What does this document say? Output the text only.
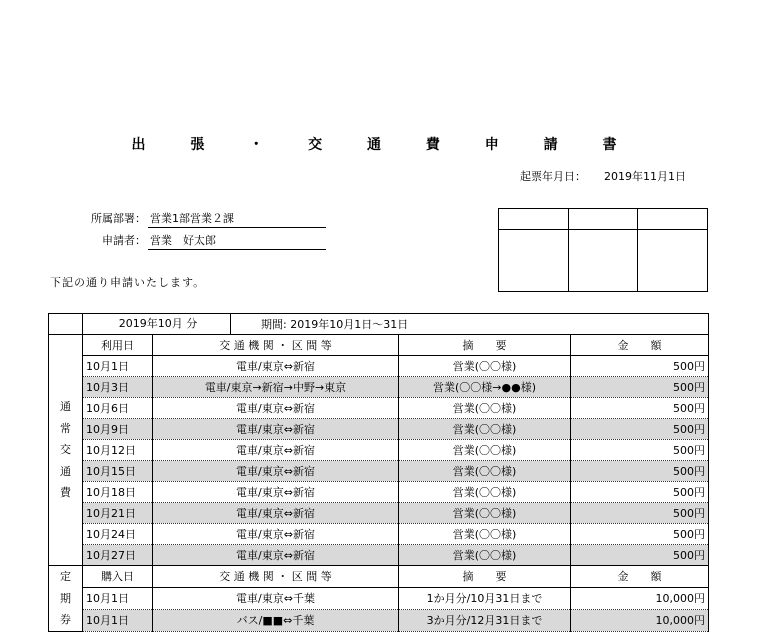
出 張 ・ 交 通 費 申 請 書
起票年月日： 2019年11月1日
所属部署： 営業1部営業２課
申請者： 営業　好太郎

下記の通り申請いたします。

	2019年10月 分 期間: 2019年10月1日～31日			

通
常
交
通
費	利用日	交 通 機 関 ・ 区 間 等	摘　　要	金　　額
	10月1日	電車/東京⇔新宿	営業(〇〇様)	500円
	10月3日	電車/東京→新宿→中野→東京	営業(〇〇様→●●様)	500円
	10月6日	電車/東京⇔新宿	営業(〇〇様)	500円
	10月9日	電車/東京⇔新宿	営業(〇〇様)	500円
	10月12日	電車/東京⇔新宿	営業(〇〇様)	500円
	10月15日	電車/東京⇔新宿	営業(〇〇様)	500円
	10月18日	電車/東京⇔新宿	営業(〇〇様)	500円
	10月21日	電車/東京⇔新宿	営業(〇〇様)	500円
	10月24日	電車/東京⇔新宿	営業(〇〇様)	500円
	10月27日	電車/東京⇔新宿	営業(〇〇様)	500円
定
期
券	購入日	交 通 機 関 ・ 区 間 等	摘　　要	金　　額
	10月1日	電車/東京⇔千葉	1か月分/10月31日まで	10,000円
	10月1日	バス/■■⇔千葉	3か月分/12月31日まで	10,000円
